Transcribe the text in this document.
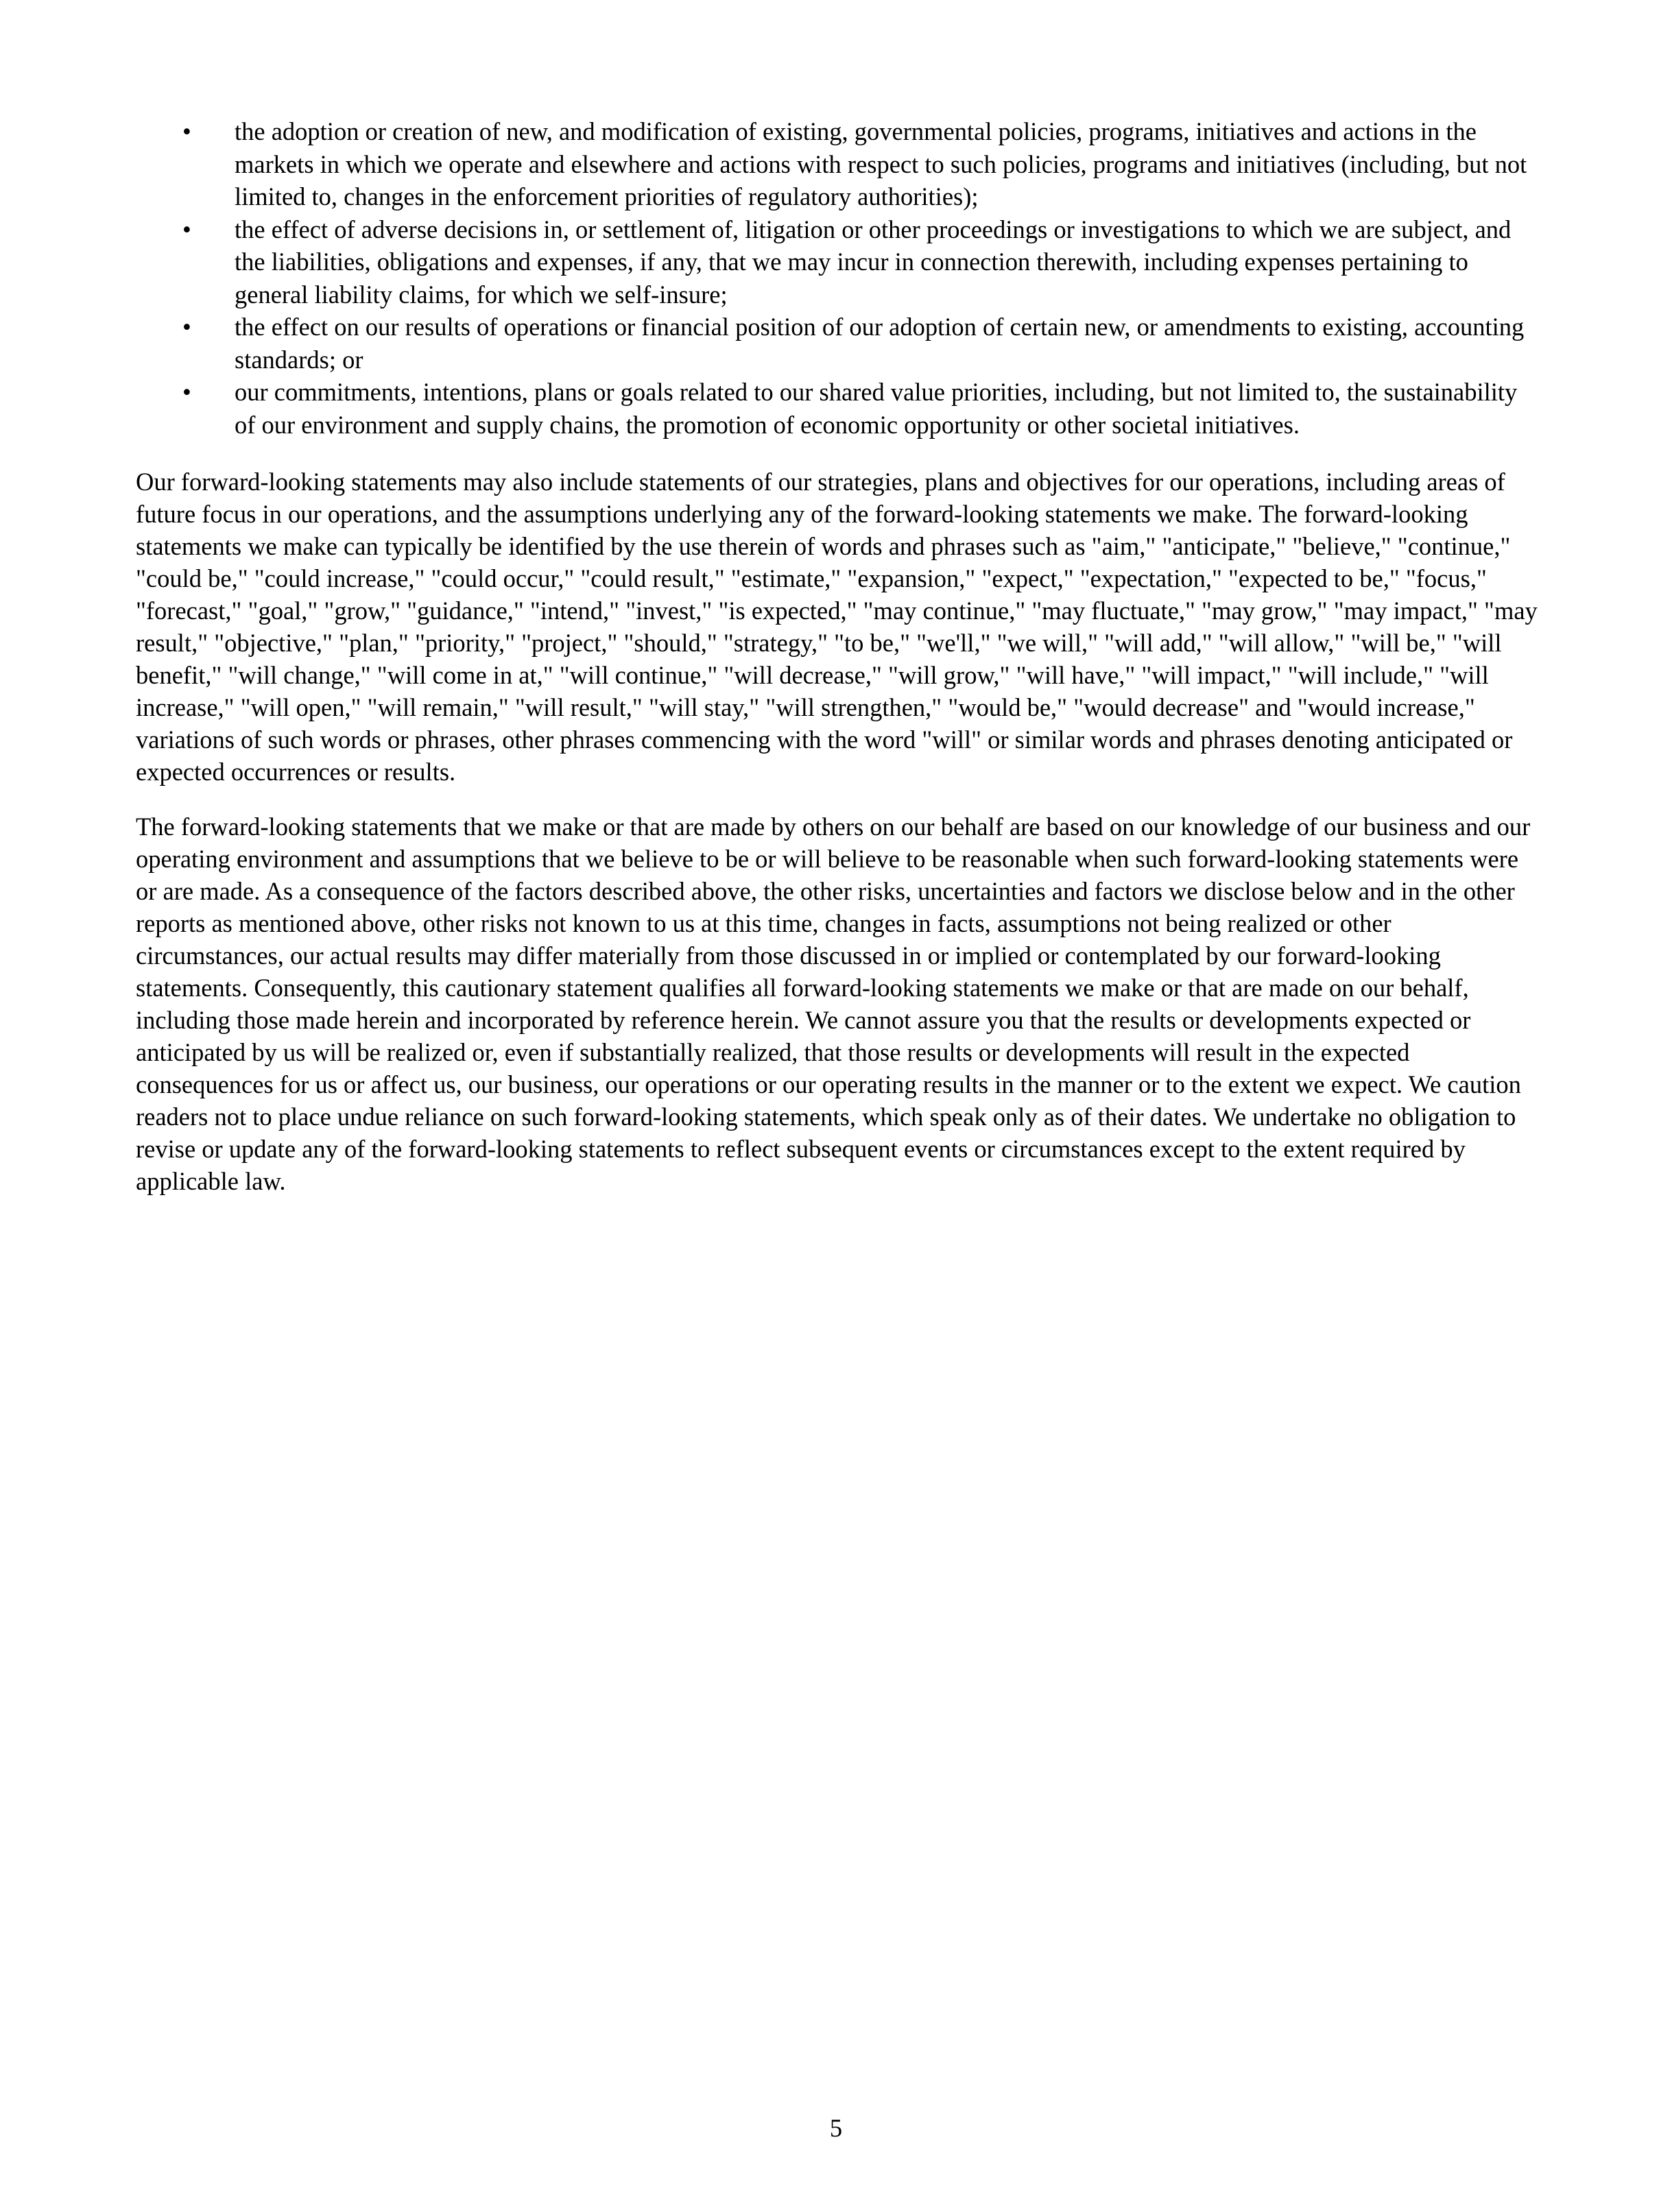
• the adoption or creation of new, and modification of existing, governmental policies, programs, initiatives and actions in the markets in which we operate and elsewhere and actions with respect to such policies, programs and initiatives (including, but not limited to, changes in the enforcement priorities of regulatory authorities);
• the effect of adverse decisions in, or settlement of, litigation or other proceedings or investigations to which we are subject, and the liabilities, obligations and expenses, if any, that we may incur in connection therewith, including expenses pertaining to general liability claims, for which we self-insure;
• the effect on our results of operations or financial position of our adoption of certain new, or amendments to existing, accounting standards; or
• our commitments, intentions, plans or goals related to our shared value priorities, including, but not limited to, the sustainability of our environment and supply chains, the promotion of economic opportunity or other societal initiatives.

Our forward-looking statements may also include statements of our strategies, plans and objectives for our operations, including areas of future focus in our operations, and the assumptions underlying any of the forward-looking statements we make. The forward-looking statements we make can typically be identified by the use therein of words and phrases such as "aim," "anticipate," "believe," "continue," "could be," "could increase," "could occur," "could result," "estimate," "expansion," "expect," "expectation," "expected to be," "focus," "forecast," "goal," "grow," "guidance," "intend," "invest," "is expected," "may continue," "may fluctuate," "may grow," "may impact," "may result," "objective," "plan," "priority," "project," "should," "strategy," "to be," "we'll," "we will," "will add," "will allow," "will be," "will benefit," "will change," "will come in at," "will continue," "will decrease," "will grow," "will have," "will impact," "will include," "will increase," "will open," "will remain," "will result," "will stay," "will strengthen," "would be," "would decrease" and "would increase," variations of such words or phrases, other phrases commencing with the word "will" or similar words and phrases denoting anticipated or expected occurrences or results.

The forward-looking statements that we make or that are made by others on our behalf are based on our knowledge of our business and our operating environment and assumptions that we believe to be or will believe to be reasonable when such forward-looking statements were or are made. As a consequence of the factors described above, the other risks, uncertainties and factors we disclose below and in the other reports as mentioned above, other risks not known to us at this time, changes in facts, assumptions not being realized or other circumstances, our actual results may differ materially from those discussed in or implied or contemplated by our forward-looking statements. Consequently, this cautionary statement qualifies all forward-looking statements we make or that are made on our behalf, including those made herein and incorporated by reference herein. We cannot assure you that the results or developments expected or anticipated by us will be realized or, even if substantially realized, that those results or developments will result in the expected consequences for us or affect us, our business, our operations or our operating results in the manner or to the extent we expect. We caution readers not to place undue reliance on such forward-looking statements, which speak only as of their dates. We undertake no obligation to revise or update any of the forward-looking statements to reflect subsequent events or circumstances except to the extent required by applicable law.

5
